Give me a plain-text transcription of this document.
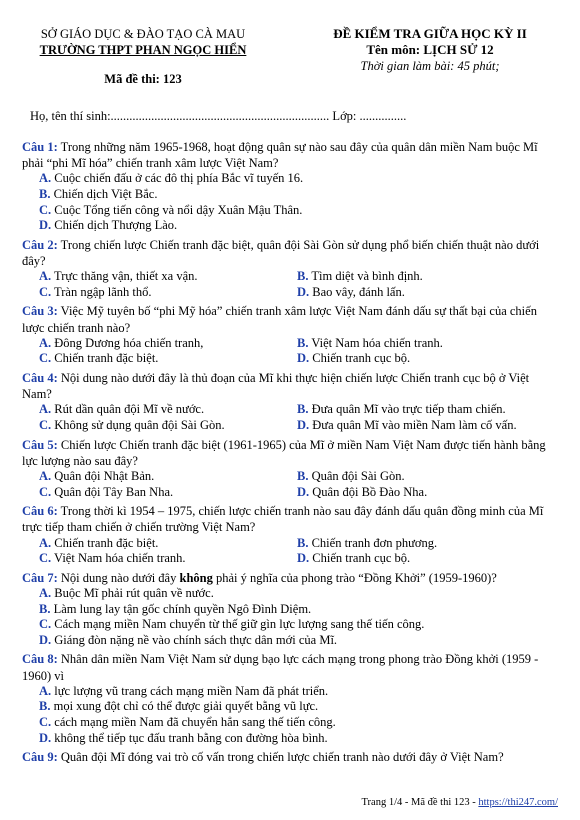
SỞ GIÁO DỤC & ĐÀO TẠO CÀ MAU
TRƯỜNG THPT PHAN NGỌC HIỂN
Mã đề thi: 123
ĐỀ KIỂM TRA GIỮA HỌC KỲ II
Tên môn: LỊCH SỬ 12
Thời gian làm bài: 45 phút;
Họ, tên thí sinh:...................................................................... Lớp: ...............

Câu 1: Trong những năm 1965-1968, hoạt động quân sự nào sau đây của quân dân miền Nam buộc Mĩ phải “phi Mĩ hóa” chiến tranh xâm lược Việt Nam?

A. Cuộc chiến đấu ở các đô thị phía Bắc vĩ tuyến 16.
B. Chiến dịch Việt Bắc.
C. Cuộc Tổng tiến công và nổi dậy Xuân Mậu Thân.
D. Chiến dịch Thượng Lào.

Câu 2: Trong chiến lược Chiến tranh đặc biệt, quân đội Sài Gòn sử dụng phổ biến chiến thuật nào dưới đây?

A. Trực thăng vận, thiết xa vận.	B. Tìm diệt và bình định.
C. Tràn ngập lãnh thổ.	D. Bao vây, đánh lấn.

Câu 3: Việc Mỹ tuyên bố “phi Mỹ hóa” chiến tranh xâm lược Việt Nam đánh dấu sự thất bại của chiến lược chiến tranh nào?

A. Đông Dương hóa chiến tranh,	B. Việt Nam hóa chiến tranh.
C. Chiến tranh đặc biệt.	D. Chiến tranh cục bộ.

Câu 4: Nội dung nào dưới đây là thủ đoạn của Mĩ khi thực hiện chiến lược Chiến tranh cục bộ ở Việt Nam?

A. Rút dần quân đội Mĩ về nước.	B. Đưa quân Mĩ vào trực tiếp tham chiến.
C. Không sử dụng quân đội Sài Gòn.	D. Đưa quân Mĩ vào miền Nam làm cố vấn.

Câu 5: Chiến lược Chiến tranh đặc biệt (1961-1965) của Mĩ ở miền Nam Việt Nam được tiến hành bằng lực lượng nào sau đây?

A. Quân đội Nhật Bản.	B. Quân đội Sài Gòn.
C. Quân đội Tây Ban Nha.	D. Quân đội Bồ Đào Nha.

Câu 6: Trong thời kì 1954 – 1975, chiến lược chiến tranh nào sau đây đánh dấu quân đồng minh của Mĩ trực tiếp tham chiến ở chiến trường Việt Nam?

A. Chiến tranh đặc biệt.	B. Chiến tranh đơn phương.
C. Việt Nam hóa chiến tranh.	D. Chiến tranh cục bộ.

Câu 7: Nội dung nào dưới đây không phải ý nghĩa của phong trào “Đồng Khởi” (1959-1960)?

A. Buộc Mĩ phải rút quân về nước.
B. Làm lung lay tận gốc chính quyền Ngô Đình Diệm.
C. Cách mạng miền Nam chuyển từ thế giữ gìn lực lượng sang thế tiến công.
D. Giáng đòn nặng nề vào chính sách thực dân mới của Mĩ.

Câu 8: Nhân dân miền Nam Việt Nam sử dụng bạo lực cách mạng trong phong trào Đồng khởi (1959 - 1960) vì

A. lực lượng vũ trang cách mạng miền Nam đã phát triển.
B. mọi xung đột chỉ có thể được giải quyết bằng vũ lực.
C. cách mạng miền Nam đã chuyển hẳn sang thế tiến công.
D. không thể tiếp tục đấu tranh bằng con đường hòa bình.

Câu 9: Quân đội Mĩ đóng vai trò cố vấn trong chiến lược chiến tranh nào dưới đây ở Việt Nam?

Trang 1/4 - Mã đề thi 123 - https://thi247.com/
